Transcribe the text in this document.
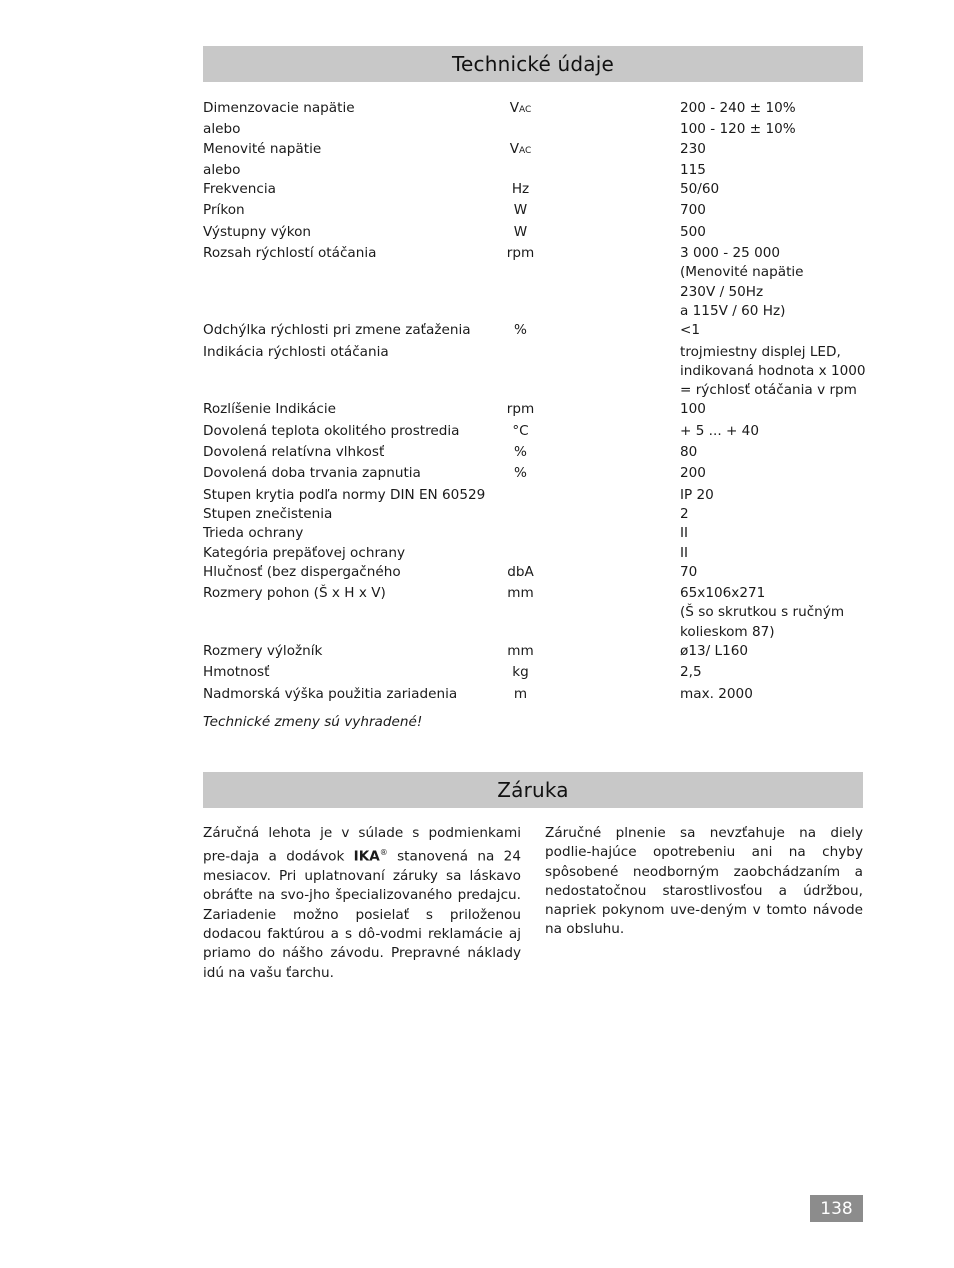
Technické údaje
Dimenzovacie napätie	VAC	200 - 240 ± 10%
alebo	100 - 120 ± 10%
Menovité napätie	VAC	230
alebo	115
Frekvencia	Hz	50/60
Príkon	W	700
Výstupny výkon	W	500
Rozsah rýchlostí otáčania	rpm	3 000 - 25 000
(Menovité napätie
230V / 50Hz
a 115V / 60 Hz)
Odchýlka rýchlosti pri zmene zaťaženia	%	<1
Indikácia rýchlosti otáčania	trojmiestny displej LED,
indikovaná hodnota x 1000
= rýchlosť otáčania v rpm
Rozlíšenie Indikácie	rpm	100
Dovolená teplota okolitého prostredia	°C	+ 5 ... + 40
Dovolená relatívna vlhkosť	%	80
Dovolená doba trvania zapnutia	%	200
Stupen krytia podľa normy DIN EN 60529	IP 20
Stupen znečistenia	2
Trieda ochrany	II
Kategória prepäťovej ochrany	II
Hlučnosť (bez dispergačného	dbA	70
Rozmery pohon (Š x H x V)	mm	65x106x271
(Š so skrutkou s ručným
kolieskom 87)
Rozmery výložník	mm	ø13/ L160
Hmotnosť	kg	2,5
Nadmorská výška použitia zariadenia	m	max. 2000
Technické zmeny sú vyhradené!
Záruka

Záručná lehota je v súlade s podmienkami pre-daja a dodávok IKA® stanovená na 24 mesiacov. Pri uplatnovaní záruky sa láskavo obráťte na svo-jho špecializovaného predajcu. Zariadenie možno posielať s priloženou dodacou faktúrou a s dô-vodmi reklamácie aj priamo do nášho závodu. Prepravné náklady idú na vašu ťarchu.

Záručné plnenie sa nevzťahuje na diely podlie-hajúce opotrebeniu ani na chyby spôsobené neodborným zaobchádzaním a nedostatočnou starostlivosťou a údržbou, napriek pokynom uve-deným v tomto návode na obsluhu.

138
